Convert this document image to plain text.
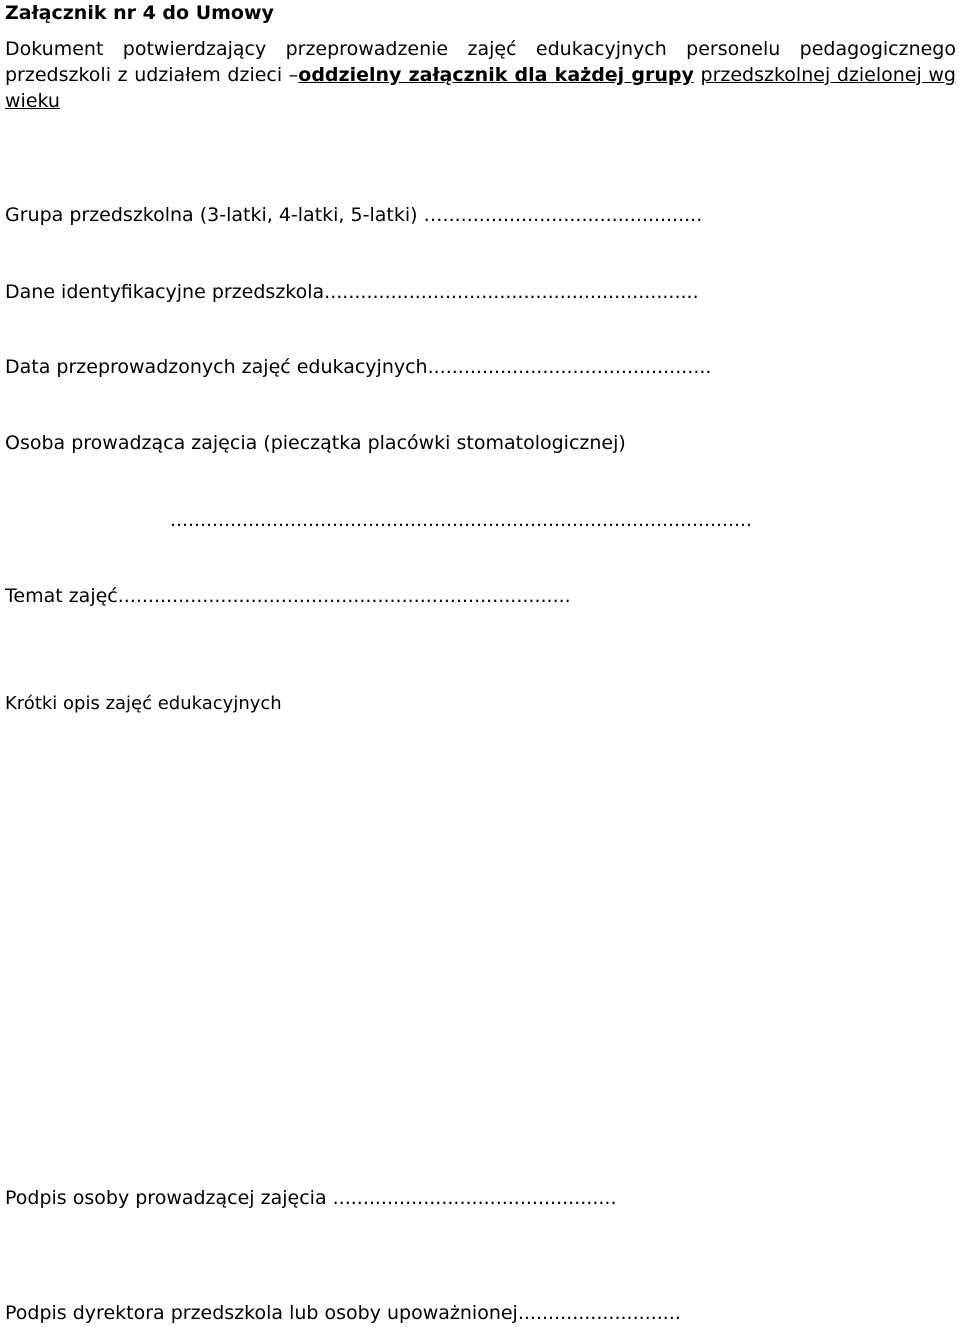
Załącznik nr 4 do Umowy
Dokument potwierdzający przeprowadzenie zajęć edukacyjnych personelu pedagogicznego przedszkoli z udziałem dzieci –oddzielny załącznik dla każdej grupy przedszkolnej dzielonej wg wieku
Grupa przedszkolna (3-latki, 4-latki, 5-latki) …...........................................
Dane identyfikacyjne przedszkola..............................................................
Data przeprowadzonych zajęć edukacyjnych...............................................
Osoba prowadząca zajęcia (pieczątka placówki stomatologicznej)
…………………………………………………………………………………….
Temat zajęć...........................................................................
Krótki opis zajęć edukacyjnych
Podpis osoby prowadzącej zajęcia ...............................................
Podpis dyrektora przedszkola lub osoby upoważnionej...........................
